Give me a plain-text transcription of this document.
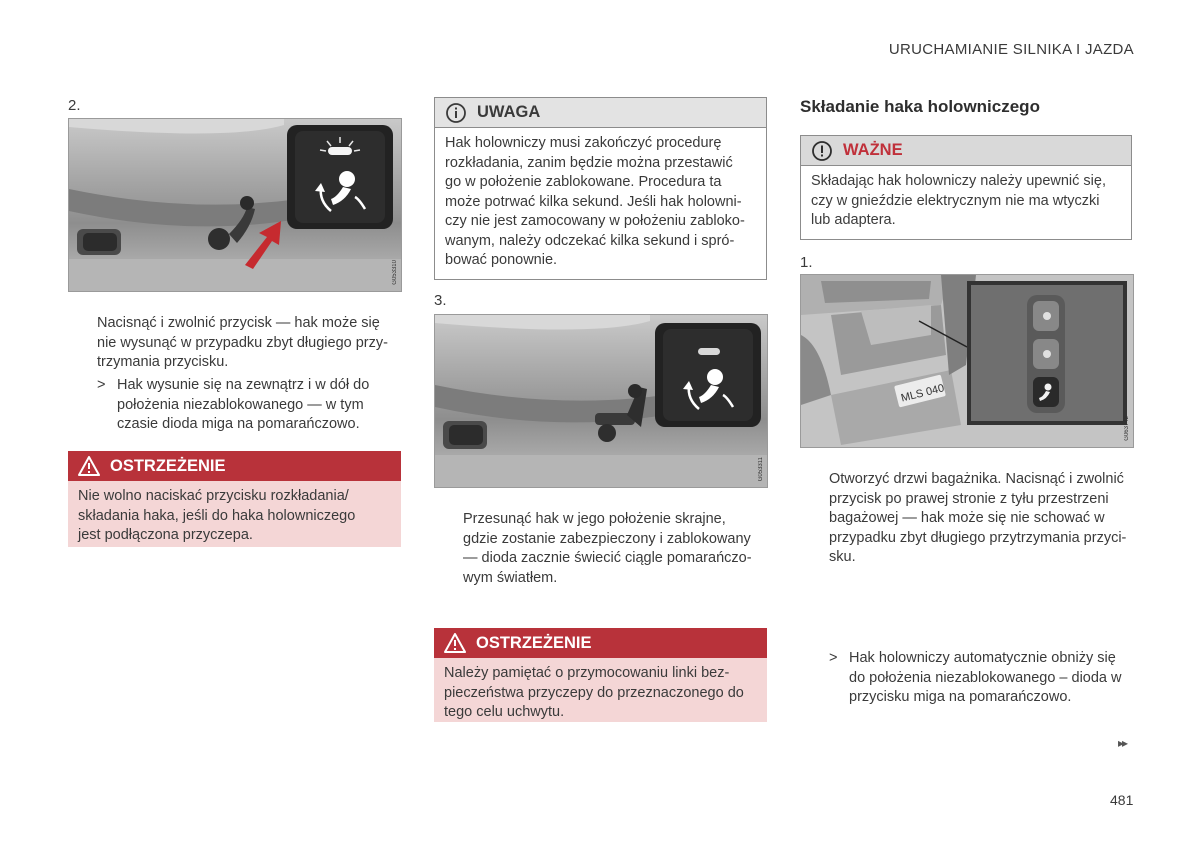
URUCHAMIANIE SILNIKA I JAZDA
2.
G053310
Nacisnąć i zwolnić przycisk — hak może się
nie wysunąć w przypadku zbyt długiego przy-
trzymania przycisku.
> Hak wysunie się na zewnątrz i w dół do
położenia niezablokowanego — w tym
czasie dioda miga na pomarańczowo.
OSTRZEŻENIE
Nie wolno naciskać przycisku rozkładania/
składania haka, jeśli do haka holowniczego
jest podłączona przyczepa.
UWAGA
Hak holowniczy musi zakończyć procedurę
rozkładania, zanim będzie można przestawić
go w położenie zablokowane. Procedura ta
może potrwać kilka sekund. Jeśli hak holowni-
czy nie jest zamocowany w położeniu zabloko-
wanym, należy odczekać kilka sekund i spró-
bować ponownie.
3.
G053311
Przesunąć hak w jego położenie skrajne,
gdzie zostanie zabezpieczony i zablokowany
— dioda zacznie świecić ciągle pomarańczo-
wym światłem.
OSTRZEŻENIE
Należy pamiętać o przymocowaniu linki bez-
pieczeństwa przyczepy do przeznaczonego do
tego celu uchwytu.
Składanie haka holowniczego
WAŻNE
Składając hak holowniczy należy upewnić się,
czy w gnieździe elektrycznym nie ma wtyczki
lub adaptera.
1.
MLS 040
G063742
Otworzyć drzwi bagażnika. Nacisnąć i zwolnić
przycisk po prawej stronie z tyłu przestrzeni
bagażowej — hak może się nie schować w
przypadku zbyt długiego przytrzymania przyci-
sku.
> Hak holowniczy automatycznie obniży się
do położenia niezablokowanego – dioda w
przycisku miga na pomarańczowo.
▸▸
481
